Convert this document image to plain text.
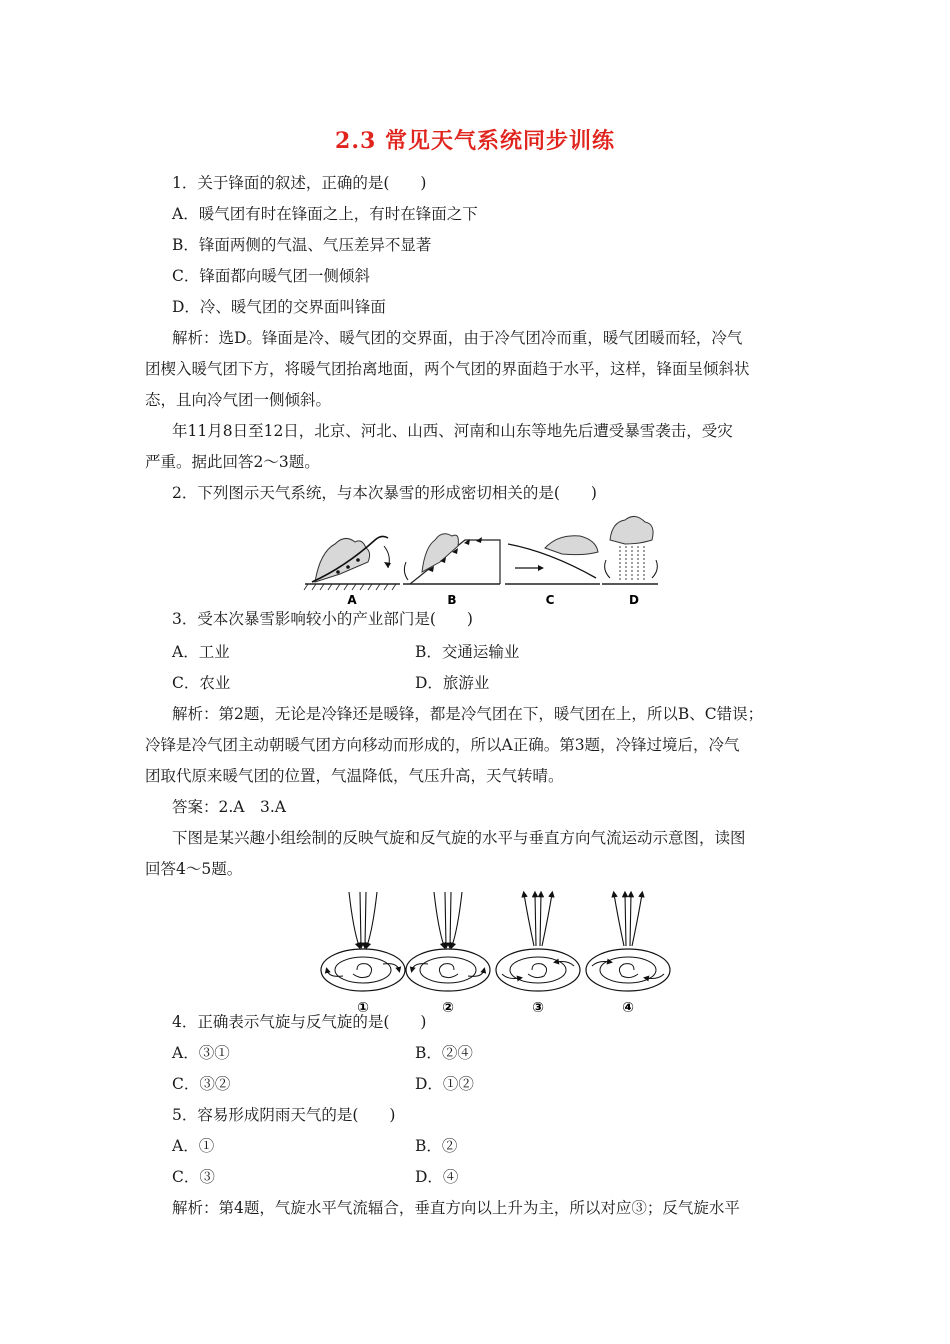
2.3 常见天气系统同步训练
1．关于锋面的叙述，正确的是(　　)
A．暖气团有时在锋面之上，有时在锋面之下
B．锋面两侧的气温、气压差异不显著
C．锋面都向暖气团一侧倾斜
D．冷、暖气团的交界面叫锋面
解析：选D。锋面是冷、暖气团的交界面，由于冷气团冷而重，暖气团暖而轻，冷气
团楔入暖气团下方，将暖气团抬离地面，两个气团的界面趋于水平，这样，锋面呈倾斜状
态，且向冷气团一侧倾斜。
年11月8日至12日，北京、河北、山西、河南和山东等地先后遭受暴雪袭击，受灾
严重。据此回答2～3题。
2．下列图示天气系统，与本次暴雪的形成密切相关的是(　　)
A	B	C	D
3．受本次暴雪影响较小的产业部门是(　　)
A．工业	B．交通运输业
C．农业	D．旅游业
解析：第2题，无论是冷锋还是暖锋，都是冷气团在下，暖气团在上，所以B、C错误；
冷锋是冷气团主动朝暖气团方向移动而形成的，所以A正确。第3题，冷锋过境后，冷气
团取代原来暖气团的位置，气温降低，气压升高，天气转晴。
答案：2.A　3.A
下图是某兴趣小组绘制的反映气旋和反气旋的水平与垂直方向气流运动示意图，读图
回答4～5题。
①	②	③	④
4．正确表示气旋与反气旋的是(　　)
A．③①	B．②④
C．③②	D．①②
5．容易形成阴雨天气的是(　　)
A．①	B．②
C．③	D．④
解析：第4题，气旋水平气流辐合，垂直方向以上升为主，所以对应③；反气旋水平
